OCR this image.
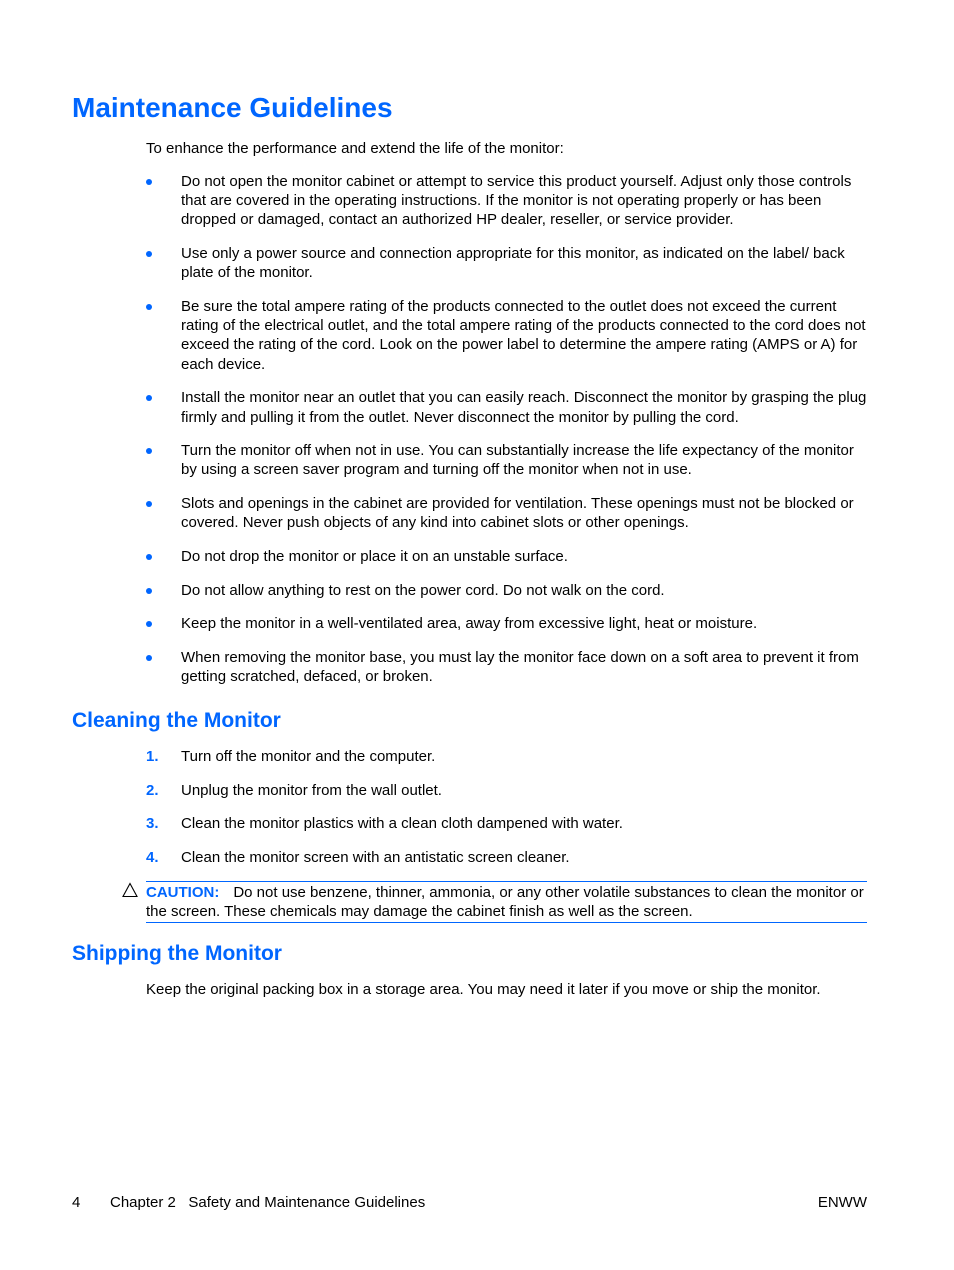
Maintenance Guidelines

To enhance the performance and extend the life of the monitor:

Do not open the monitor cabinet or attempt to service this product yourself. Adjust only those controls that are covered in the operating instructions. If the monitor is not operating properly or has been dropped or damaged, contact an authorized HP dealer, reseller, or service provider.
Use only a power source and connection appropriate for this monitor, as indicated on the label/ back plate of the monitor.
Be sure the total ampere rating of the products connected to the outlet does not exceed the current rating of the electrical outlet, and the total ampere rating of the products connected to the cord does not exceed the rating of the cord. Look on the power label to determine the ampere rating (AMPS or A) for each device.
Install the monitor near an outlet that you can easily reach. Disconnect the monitor by grasping the plug firmly and pulling it from the outlet. Never disconnect the monitor by pulling the cord.
Turn the monitor off when not in use. You can substantially increase the life expectancy of the monitor by using a screen saver program and turning off the monitor when not in use.
Slots and openings in the cabinet are provided for ventilation. These openings must not be blocked or covered. Never push objects of any kind into cabinet slots or other openings.
Do not drop the monitor or place it on an unstable surface.
Do not allow anything to rest on the power cord. Do not walk on the cord.
Keep the monitor in a well-ventilated area, away from excessive light, heat or moisture.
When removing the monitor base, you must lay the monitor face down on a soft area to prevent it from getting scratched, defaced, or broken.
Cleaning the Monitor
1. Turn off the monitor and the computer.
2. Unplug the monitor from the wall outlet.
3. Clean the monitor plastics with a clean cloth dampened with water.
4. Clean the monitor screen with an antistatic screen cleaner.
CAUTION: Do not use benzene, thinner, ammonia, or any other volatile substances to clean the monitor or the screen. These chemicals may damage the cabinet finish as well as the screen.
Shipping the Monitor

Keep the original packing box in a storage area. You may need it later if you move or ship the monitor.

4 Chapter 2   Safety and Maintenance Guidelines	ENWW
